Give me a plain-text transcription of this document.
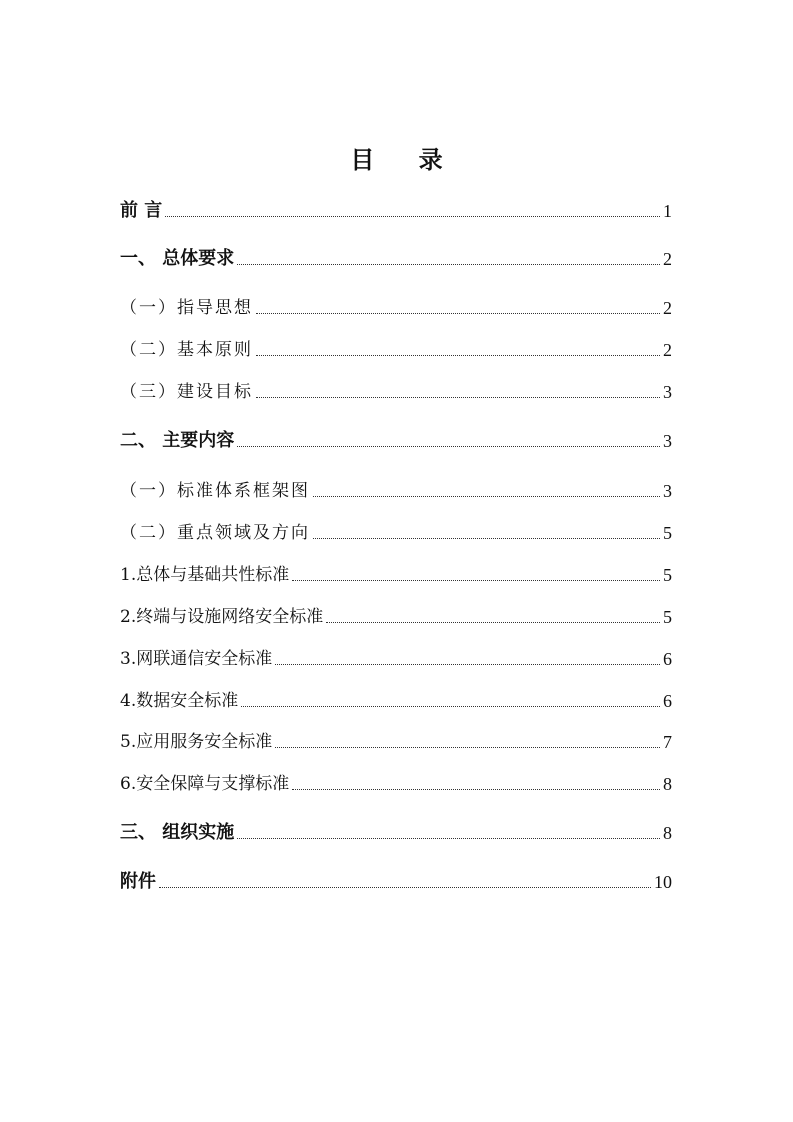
目 录
前 言	1
一、 总体要求	2
（一）指导思想	2
（二）基本原则	2
（三）建设目标	3
二、 主要内容	3
（一）标准体系框架图	3
（二）重点领域及方向	5
1.总体与基础共性标准	5
2.终端与设施网络安全标准	5
3.网联通信安全标准	6
4.数据安全标准	6
5.应用服务安全标准	7
6.安全保障与支撑标准	8
三、 组织实施	8
附件	10
